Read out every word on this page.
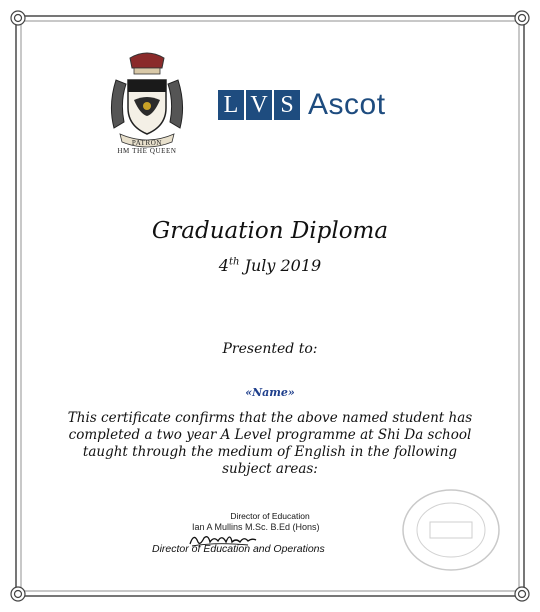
PATRON
HM THE QUEEN
L V S Ascot
Graduation Diploma
4th July 2019
Presented to:
«Name»
This certificate confirms that the above named student has
completed a two year A Level programme at Shi Da school
taught through the medium of English in the following
subject areas:
Director of Education
Ian A Mullins M.Sc. B.Ed (Hons)
Director of Education and Operations
